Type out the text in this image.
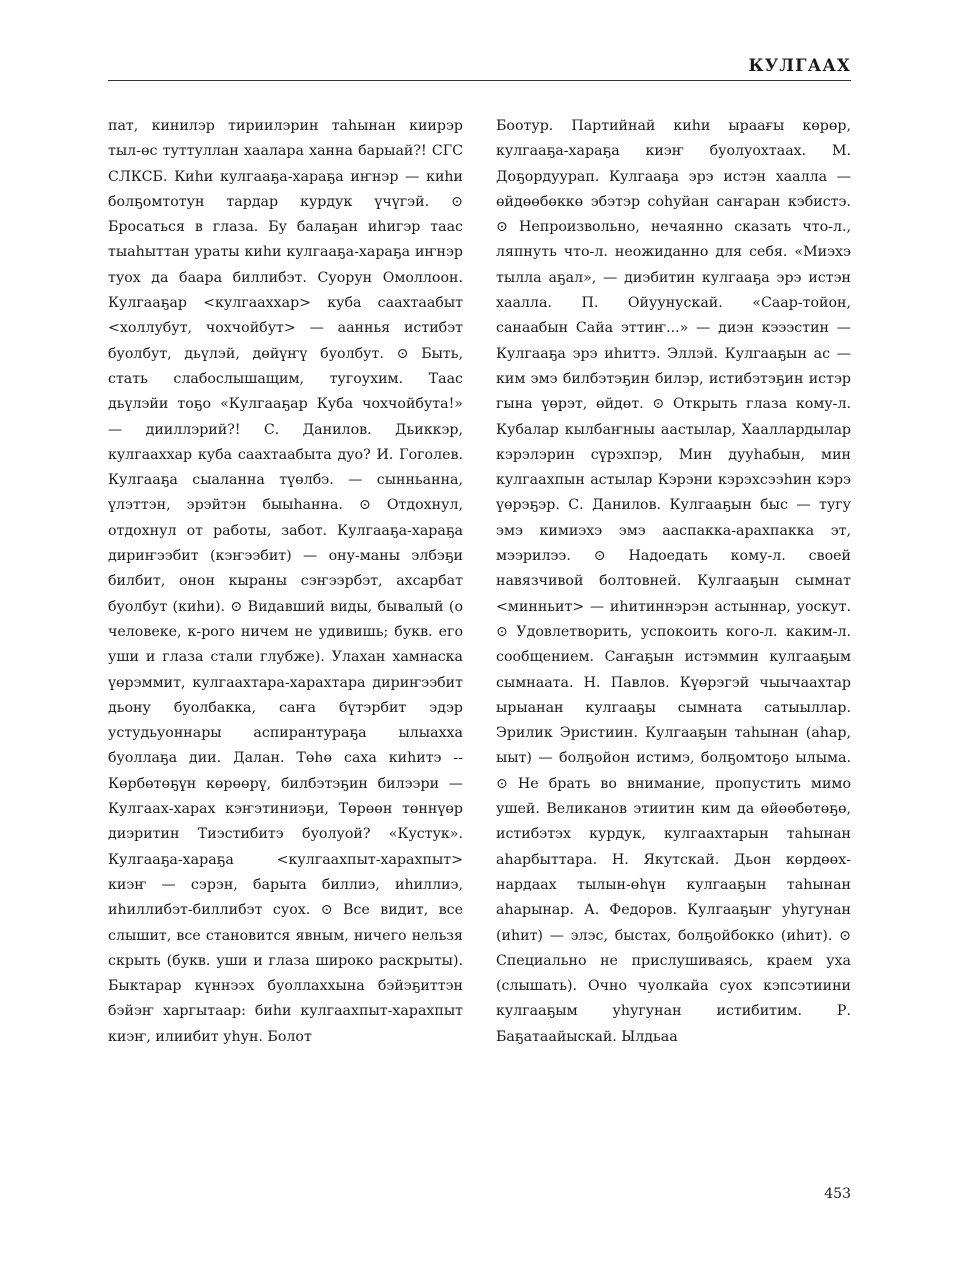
КУЛГААХ
пат, кинилэр тириилэрин таһынан киирэр тыл-өс туттуллан хаалара ханна барыай?! СГС СЛКСБ. Киһи кулгааҕа-хараҕа иҥнэр — киһи болҕомтотун тардар курдук үчүгэй. ⊙ Бросаться в глаза. Бу балаҕан иһигэр таас тыаһыттан ураты киһи кулгааҕа-хараҕа иҥнэр туох да баара биллибэт. Суорун Омоллоон. Кулгааҕар <кулгааххар> куба саахтаабыт <холлубут, чохчойбут> — ааннья истибэт буолбут, дьүлэй, дөйүҥү буолбут. ⊙ Быть, стать слабослышащим, тугоухим. Таас дьүлэйи тоҕо «Кулгааҕар Куба чохчойбута!» — дииллэрий?! С. Данилов. Дьиккэр, кулгааххар куба саахтаабыта дуо? И. Гоголев. Кулгааҕа сыаланна түөлбэ. — сынньанна, үлэттэн, эрэйтэн быыһанна. ⊙ Отдохнул, отдохнул от работы, забот. Кулгааҕа-хараҕа дириҥээбит (кэҥээбит) — ону-маны элбэҕи билбит, онон кыраны сэҥээрбэт, ахсарбат буолбут (киһи). ⊙ Видавший виды, бывалый (о человеке, к-рого ничем не удивишь; букв. его уши и глаза стали глубже). Улахан хамнаска үөрэммит, кулгаахтара-харахтара дириҥээбит дьону буолбакка, саҥа бүтэрбит эдэр устудьуоннары аспирантураҕа ылыахха буоллаҕа дии. Далан. Төһө саха киһитэ -- Көрбөтөҕүн көрөөрү, билбэтэҕин билээри — Кулгаах-харах кэҥэтиниэҕи, Төрөөн төннүөр диэритин Тиэстибитэ буолуой? «Кустук». Кулгааҕа-хараҕа <кулгаахпыт-харахпыт> киэҥ — сэрэн, барыта биллиэ, иһиллиэ, иһиллибэт-биллибэт суох. ⊙ Все видит, все слышит, все становится явным, ничего нельзя скрыть (букв. уши и глаза широко раскрыты). Быктарар күннээх буоллаххына бэйэҕиттэн бэйэҥ харгытаар: биһи кулгаахпыт-харахпыт киэҥ, илиибит уһун. Болот
Боотур. Партийнай киһи ыраағы көрөр, кулгааҕа-хараҕа киэҥ буолуохтаах. М. Доҕордуурап. Кулгааҕа эрэ истэн хаалла — өйдөөбөккө эбэтэр соһуйан саҥаран кэбистэ. ⊙ Непроизвольно, нечаянно сказать что-л., ляпнуть что-л. неожиданно для себя. «Миэхэ тылла аҕал», — диэбитин кулгааҕа эрэ истэн хаалла. П. Ойуунускай. «Саар-тойон, санаабын Сайа эттиҥ...» — диэн кэээстин — Кулгааҕа эрэ иһиттэ. Эллэй. Кулгааҕын ас — ким эмэ билбэтэҕин билэр, истибэтэҕин истэр гына үөрэт, өйдөт. ⊙ Открыть глаза кому-л. Кубалар кылбаҥныы аастылар, Хааллардылар кэрэлэрин сүрэхпэр, Мин дууһабын, мин кулгаахпын астылар Кэрэни кэрэхсээһин кэрэ үөрэҕэр. С. Данилов. Кулгааҕын быс — тугу эмэ кимиэхэ эмэ ааспакка-арахпакка эт, мээрилээ. ⊙ Надоедать кому-л. своей навязчивой болтовней. Кулгааҕын сымнат <минньит> — иһитиннэрэн астыннар, уоскут. ⊙ Удовлетворить, успокоить кого-л. каким-л. сообщением. Саҥаҕын истэммин кулгааҕым сымнаата. Н. Павлов. Күөрэгэй чыычаахтар ырыанан кулгааҕы сымната сатыыллар. Эрилик Эристиин. Кулгааҕын таһынан (аһар, ыыт) — болҕойон истимэ, болҕомтоҕо ылыма. ⊙ Не брать во внимание, пропустить мимо ушей. Великанов этиитин ким да өйөөбөтөҕө, истибэтэх курдук, кулгаахтарын таһынан аһарбыттара. Н. Якутскай. Дьон көрдөөх-нардаах тылын-өһүн кулгааҕын таһынан аһарынар. А. Федоров. Кулгааҕыҥ уһугунан (иһит) — элэс, быстах, болҕойбокко (иһит). ⊙ Специально не прислушиваясь, краем уха (слышать). Очно чуолкайа суох кэпсэтиини кулгааҕым уһугунан истибитим. Р. Баҕатаайыскай. Ылдьаа
453
